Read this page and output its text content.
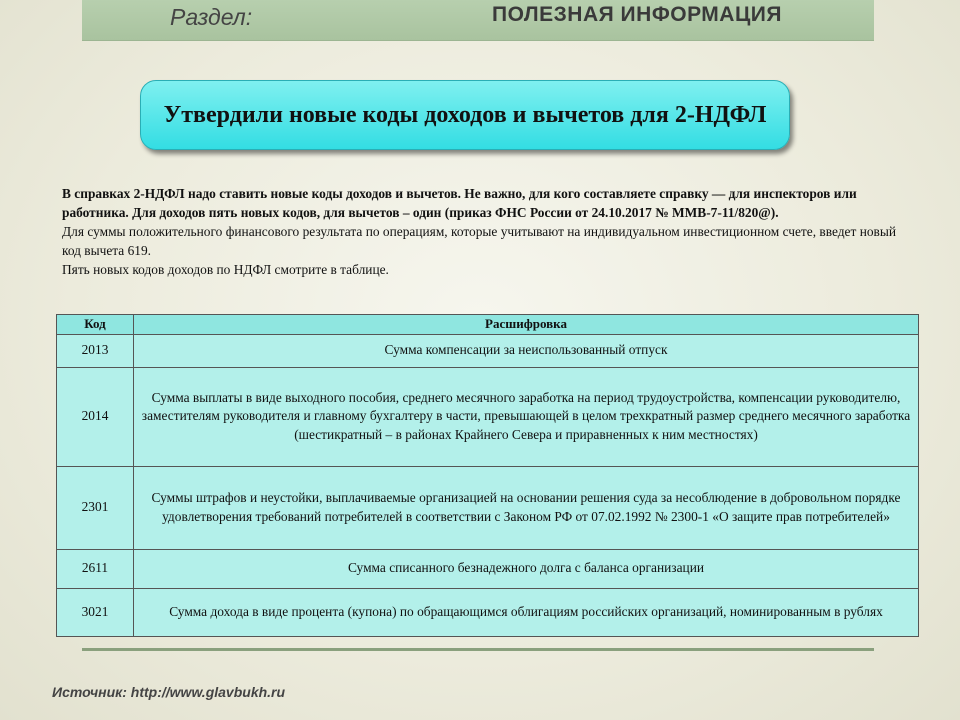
Раздел:	ПОЛЕЗНАЯ ИНФОРМАЦИЯ
Утвердили новые коды доходов и вычетов для 2-НДФЛ

В справках 2-НДФЛ надо ставить новые коды доходов и вычетов. Не важно, для кого составляете справку — для инспекторов или работника. Для доходов пять новых кодов, для вычетов – один (приказ ФНС России от 24.10.2017 № ММВ-7-11/820@).

Для суммы положительного финансового результата по операциям, которые учитывают на индивидуальном инвестиционном счете, введет новый код вычета 619.

Пять новых кодов доходов по НДФЛ смотрите в таблице.

Код	Расшифровка
2013	Сумма компенсации за неиспользованный отпуск
2014	Сумма выплаты в виде выходного пособия, среднего месячного заработка на период трудоустройства, компенсации руководителю, заместителям руководителя и главному бухгалтеру в части, превышающей в целом трехкратный размер среднего месячного заработка (шестикратный – в районах Крайнего Севера и приравненных к ним местностях)
2301	Суммы штрафов и неустойки, выплачиваемые организацией на основании решения суда за несоблюдение в добровольном порядке удовлетворения требований потребителей в соответствии с Законом РФ от 07.02.1992 № 2300-1 «О защите прав потребителей»
2611	Сумма списанного безнадежного долга с баланса организации
3021	Сумма дохода в виде процента (купона) по обращающимся облигациям российских организаций, номинированным в рублях
Источник: http://www.glavbukh.ru
